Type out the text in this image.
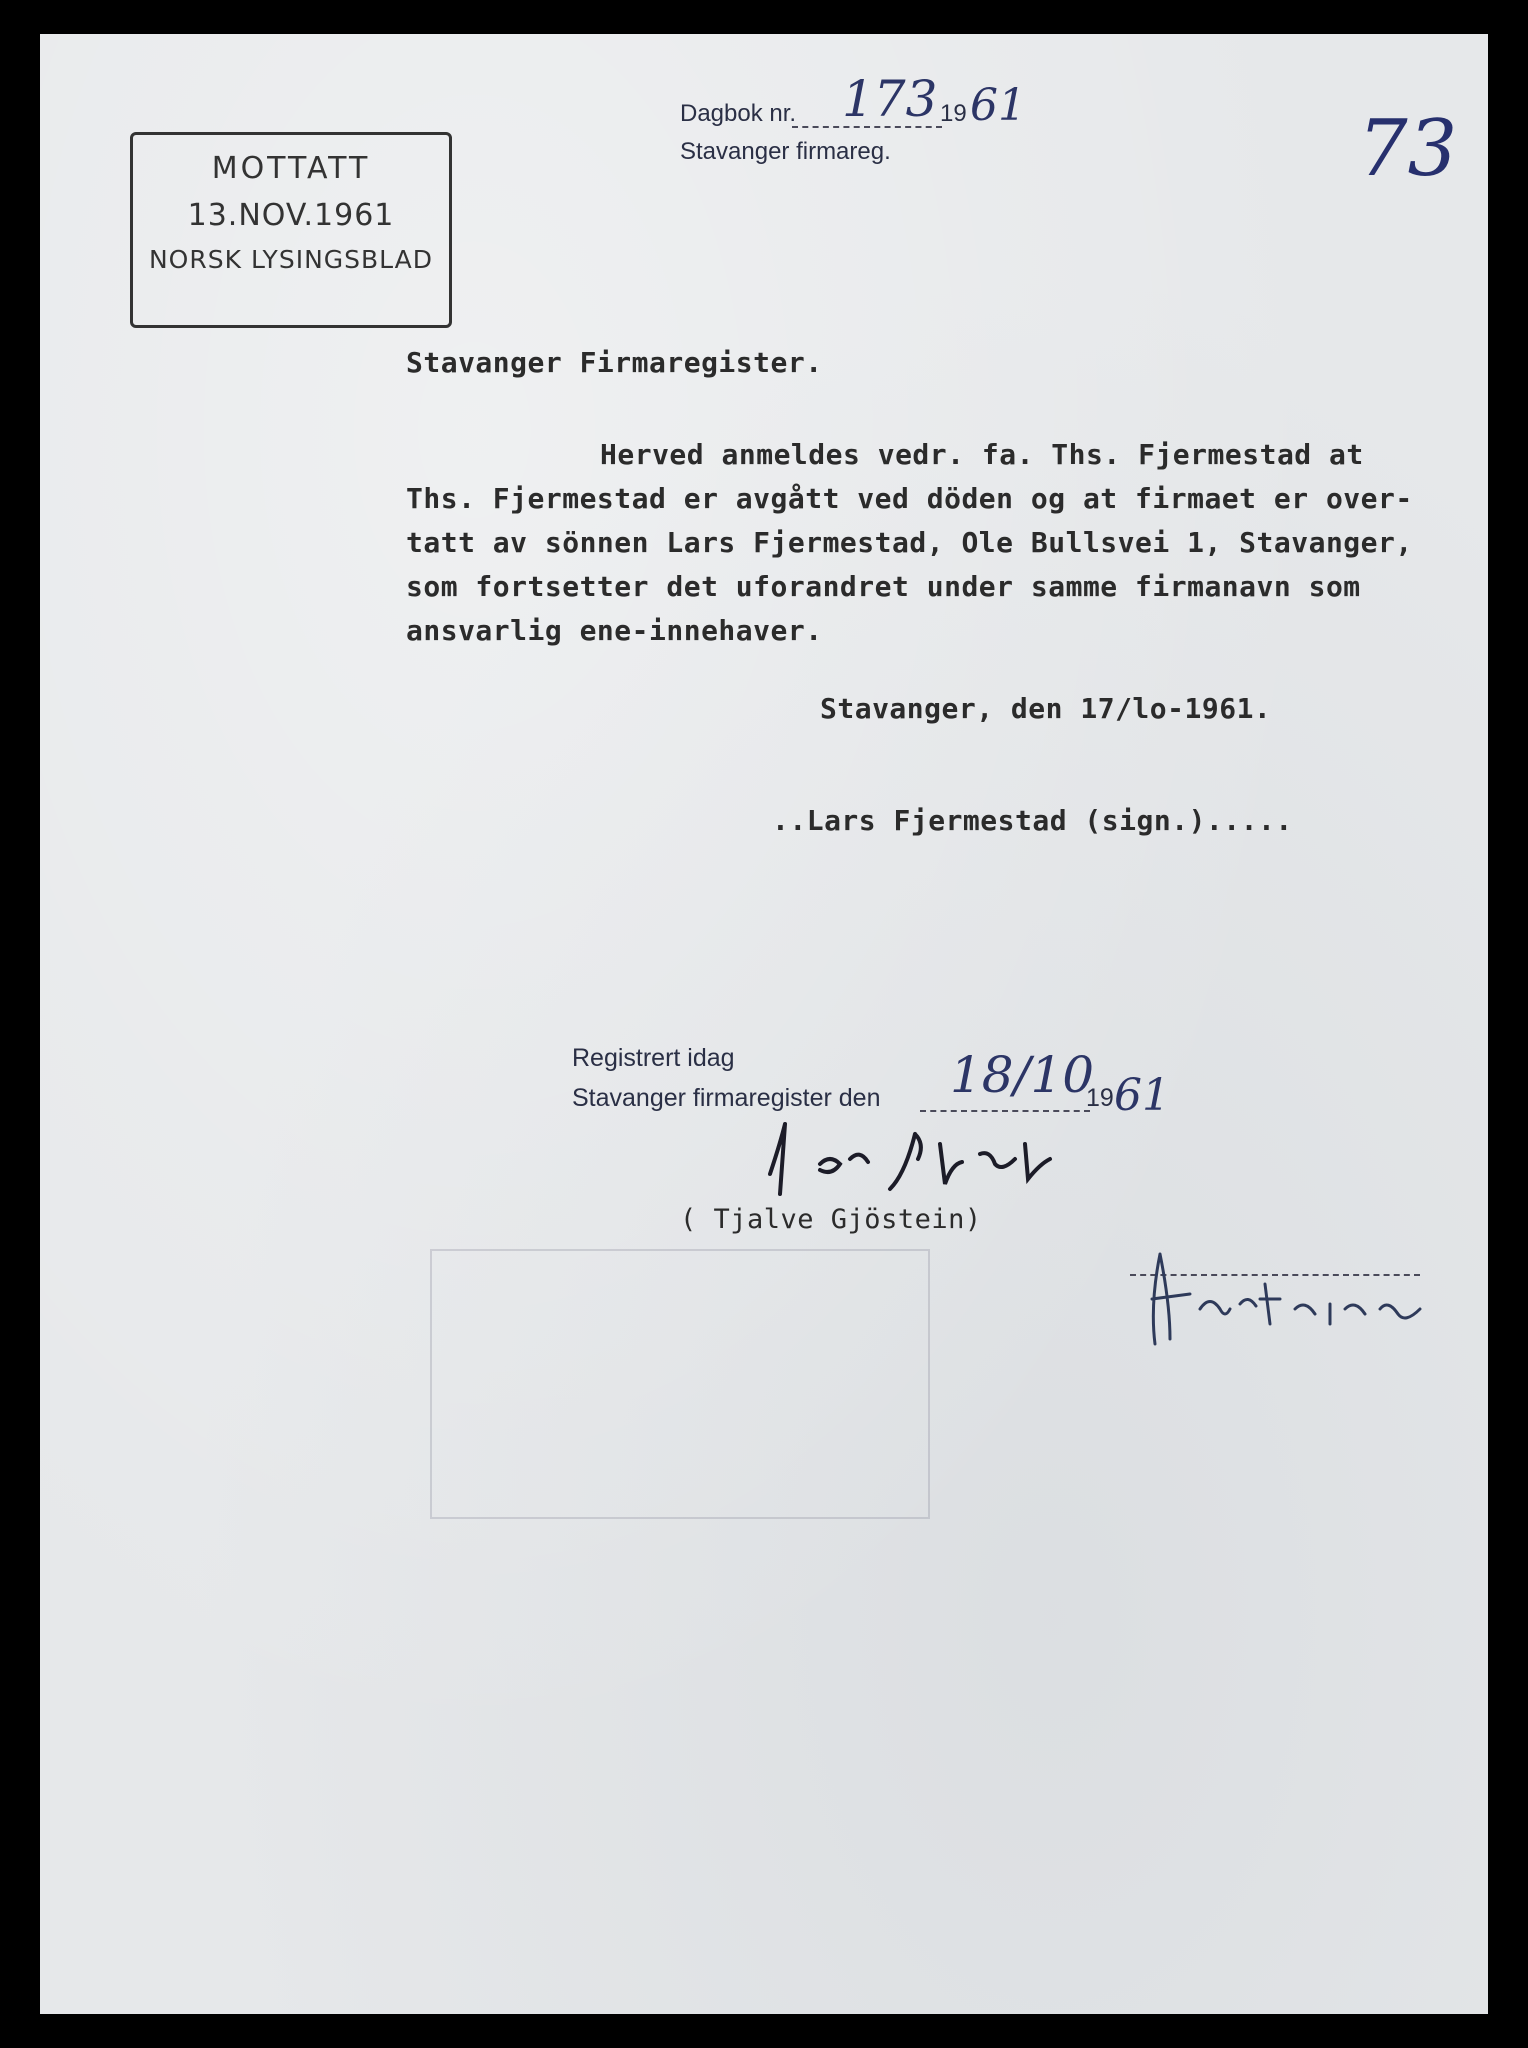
MOTTATT
13.NOV.1961
NORSK LYSINGSBLAD
Dagbok nr. 173 19 61
Stavanger firmareg.	73
Stavanger Firmaregister.
Herved anmeldes vedr. fa. Ths. Fjermestad at
Ths. Fjermestad er avgått ved döden og at firmaet er over-
tatt av sönnen Lars Fjermestad, Ole Bullsvei 1, Stavanger,
som fortsetter det uforandret under samme firmanavn som
ansvarlig ene-innehaver.
Stavanger, den 17/lo-1961.
..Lars Fjermestad (sign.).....
Registrert idag
Stavanger firmaregister den 18/10
19 61
( Tjalve Gjöstein)
